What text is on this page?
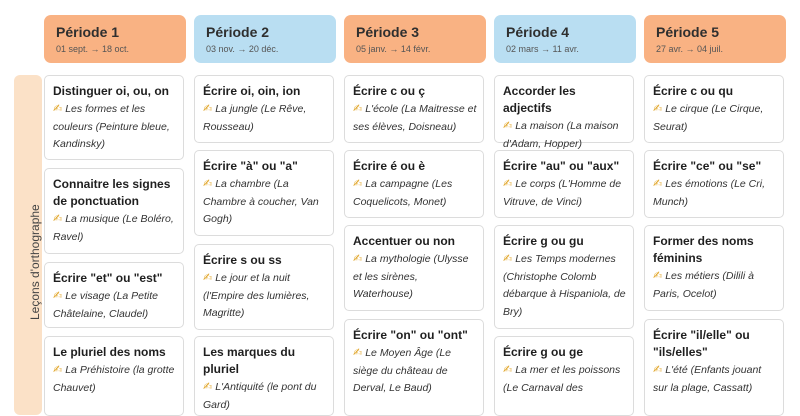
Période 1
01 sept. → 18 oct.
Période 2
03 nov. → 20 déc.
Période 3
05 janv. → 14 févr.
Période 4
02 mars → 11 avr.
Période 5
27 avr. → 04 juil.
Leçons d'orthographe
Distinguer oi, ou, on
✍ Les formes et les couleurs (Peinture bleue, Kandinsky)
Connaitre les signes de ponctuation
✍ La musique (Le Boléro, Ravel)
Écrire "et" ou "est"
✍ Le visage (La Petite Châtelaine, Claudel)
Le pluriel des noms
✍ La Préhistoire (la grotte Chauvet)
Écrire oi, oin, ion
✍ La jungle (Le Rêve, Rousseau)
Écrire "à" ou "a"
✍ La chambre (La Chambre à coucher, Van Gogh)
Écrire s ou ss
✍ Le jour et la nuit (l'Empire des lumières, Magritte)
Les marques du pluriel
✍ L'Antiquité (le pont du Gard)
Écrire c ou ç
✍ L'école (La Maitresse et ses élèves, Doisneau)
Écrire é ou è
✍ La campagne (Les Coquelicots, Monet)
Accentuer ou non
✍ La mythologie (Ulysse et les sirènes, Waterhouse)
Écrire "on" ou "ont"
✍ Le Moyen Âge (Le siège du château de Derval, Le Baud)
Accorder les adjectifs
✍ La maison (La maison d'Adam, Hopper)
Écrire "au" ou "aux"
✍ Le corps (L'Homme de Vitruve, de Vinci)
Écrire g ou gu
✍ Les Temps modernes (Christophe Colomb débarque à Hispaniola, de Bry)
Écrire g ou ge
✍ La mer et les poissons (Le Carnaval des
Écrire c ou qu
✍ Le cirque (Le Cirque, Seurat)
Écrire "ce" ou "se"
✍ Les émotions (Le Cri, Munch)
Former des noms féminins
✍ Les métiers (Dilili à Paris, Ocelot)
Écrire "il/elle" ou "ils/elles"
✍ L'été (Enfants jouant sur la plage, Cassatt)
